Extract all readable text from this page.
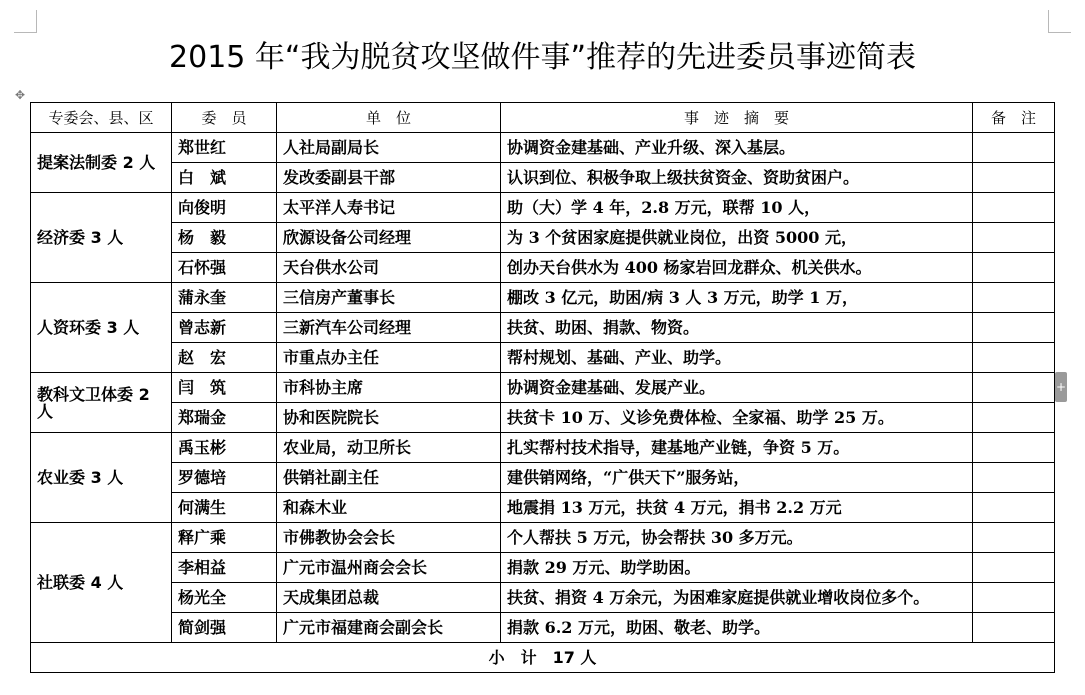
2015 年“我为脱贫攻坚做件事”推荐的先进委员事迹简表
✥
+
专委会、县、区	委　员	单　位	事　迹　摘　要	备　注
提案法制委 2 人	郑世红	人社局副局长	协调资金建基础、产业升级、深入基层。	
	白　斌	发改委副县干部	认识到位、积极争取上级扶贫资金、资助贫困户。	
经济委 3 人	向俊明	太平洋人寿书记	助（大）学 4 年，2.8 万元，联帮 10 人，	
	杨　毅	欣源设备公司经理	为 3 个贫困家庭提供就业岗位，出资 5000 元，	
	石怀强	天台供水公司	创办天台供水为 400 杨家岩回龙群众、机关供水。	
人资环委 3 人	蒲永奎	三信房产董事长	棚改 3 亿元，助困/病 3 人 3 万元，助学 1 万，	
	曾志新	三新汽车公司经理	扶贫、助困、捐款、物资。	
	赵　宏	市重点办主任	帮村规划、基础、产业、助学。	
教科文卫体委 2 人	闫　筑	市科协主席	协调资金建基础、发展产业。	
	郑瑞金	协和医院院长	扶贫卡 10 万、义诊免费体检、全家福、助学 25 万。	
农业委 3 人	禹玉彬	农业局，动卫所长	扎实帮村技术指导，建基地产业链，争资 5 万。	
	罗德培	供销社副主任	建供销网络，“广供天下”服务站，	
	何满生	和森木业	地震捐 13 万元，扶贫 4 万元，捐书 2.2 万元	
社联委 4 人	释广乘	市佛教协会会长	个人帮扶 5 万元，协会帮扶 30 多万元。	
	李相益	广元市温州商会会长	捐款 29 万元、助学助困。	
	杨光全	天成集团总裁	扶贫、捐资 4 万余元，为困难家庭提供就业增收岗位多个。	
	简剑强	广元市福建商会副会长	捐款 6.2 万元，助困、敬老、助学。	
小　计　17 人				
